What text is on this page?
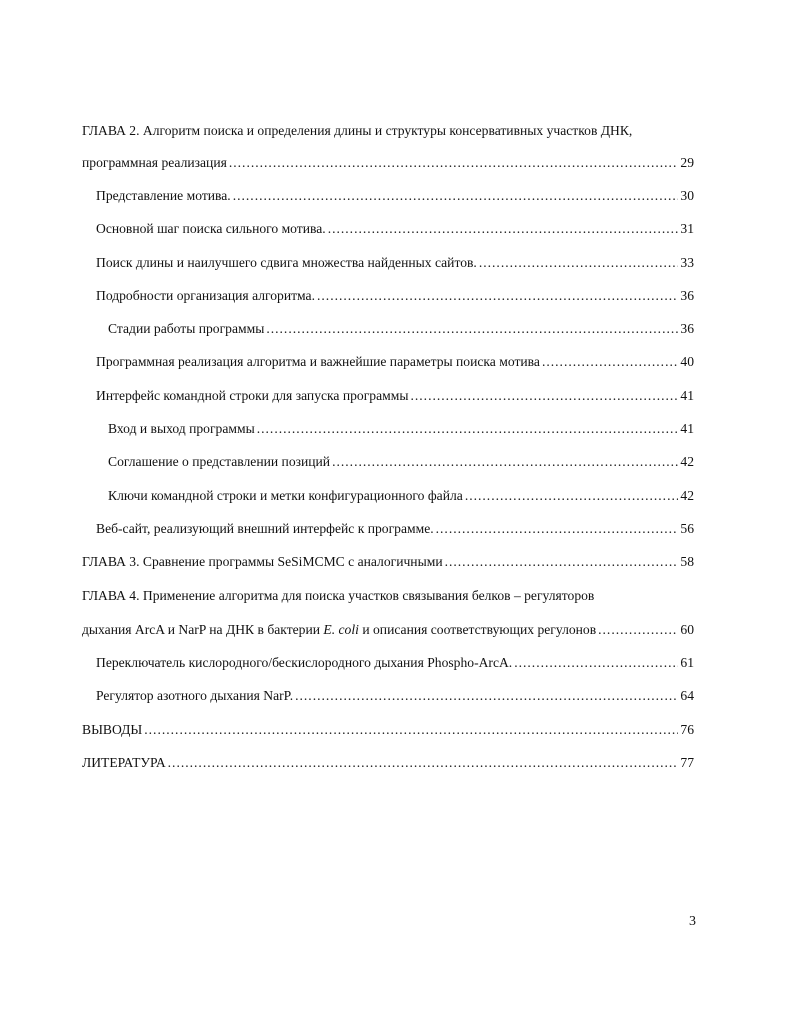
ГЛАВА 2. Алгоритм поиска и определения длины и структуры консервативных участков ДНК,
программная реализация . . .	29
Представление мотива. . . .	30
Основной шаг поиска сильного мотива. . . .	31
Поиск длины и наилучшего сдвига множества найденных сайтов. . . .	33
Подробности организация алгоритма. . . .	36
Стадии работы программы . . .	36
Программная реализация алгоритма и важнейшие параметры поиска мотива . . .	40
Интерфейс командной строки для запуска программы . . .	41
Вход и выход программы . . .	41
Соглашение о представлении позиций . . .	42
Ключи командной строки и метки конфигурационного файла . . .	42
Веб-сайт, реализующий внешний интерфейс к программе. . . .	56
ГЛАВА 3. Сравнение программы SeSiMCMC с аналогичными . . .	58
ГЛАВА 4. Применение алгоритма для поиска участков связывания белков – регуляторов
дыхания ArcA и NarP на ДНК в бактерии E. coli и описания соответствующих регулонов . . .	60
Переключатель кислородного/бескислородного дыхания Phospho-ArcA. . . .	61
Регулятор азотного дыхания NarP. . . .	64
ВЫВОДЫ . . .	76
ЛИТЕРАТУРА . . .	77
3
